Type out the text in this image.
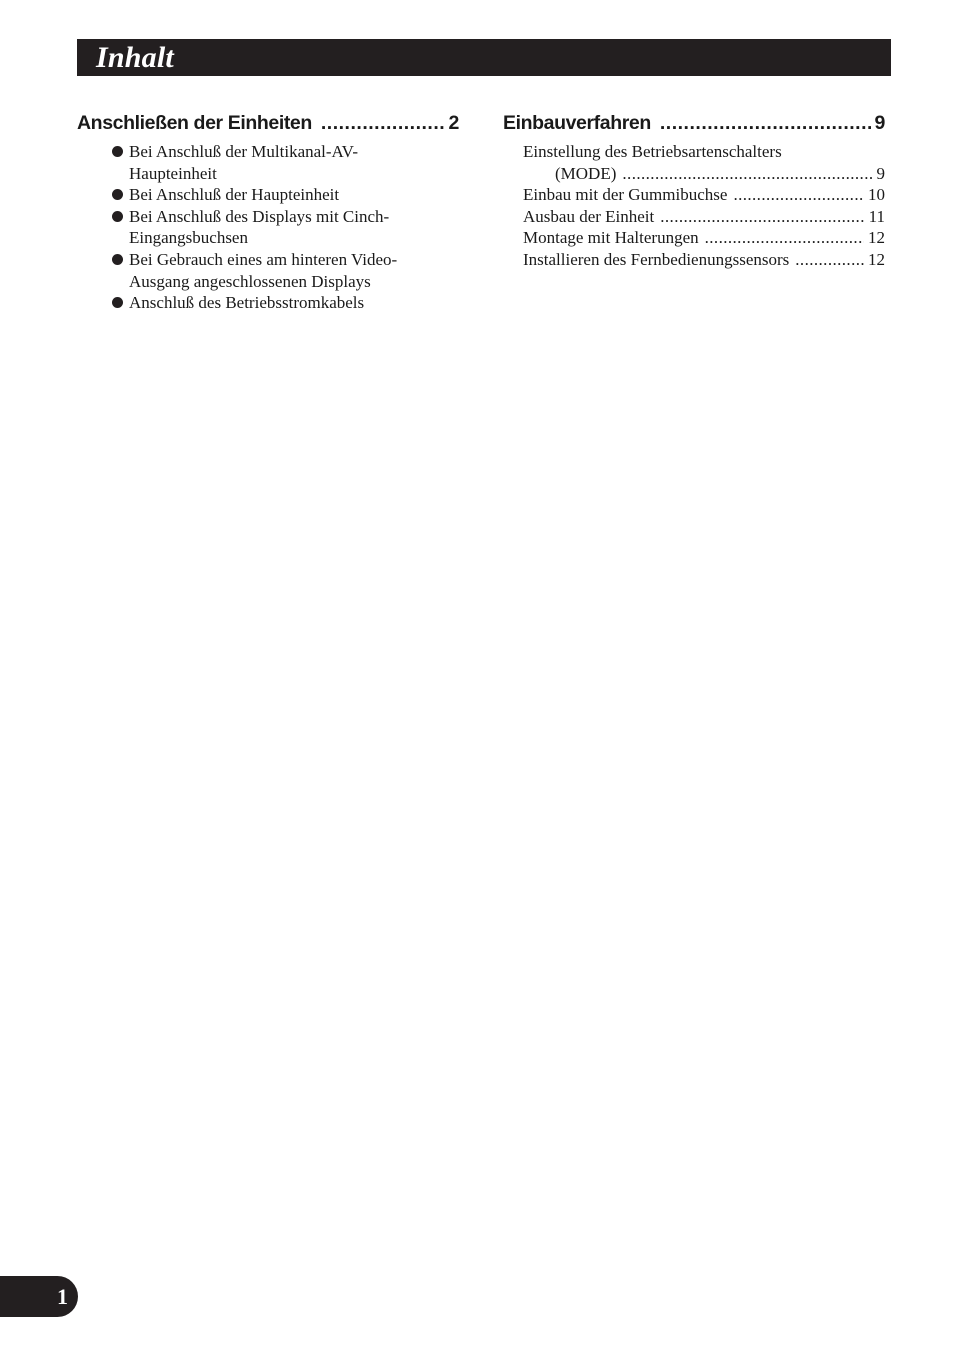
Inhalt
Anschließen der Einheiten .....	2
Bei Anschluß der Multikanal-AV-
Haupteinheit
Bei Anschluß der Haupteinheit
Bei Anschluß des Displays mit Cinch-
Eingangsbuchsen
Bei Gebrauch eines am hinteren Video-
Ausgang angeschlossenen Displays
Anschluß des Betriebsstromkabels
Einbauverfahren .....	9
Einstellung des Betriebsartenschalters
(MODE) .....	9
Einbau mit der Gummibuchse .....	10
Ausbau der Einheit .....	11
Montage mit Halterungen .....	12
Installieren des Fernbedienungssensors .....	12
1
